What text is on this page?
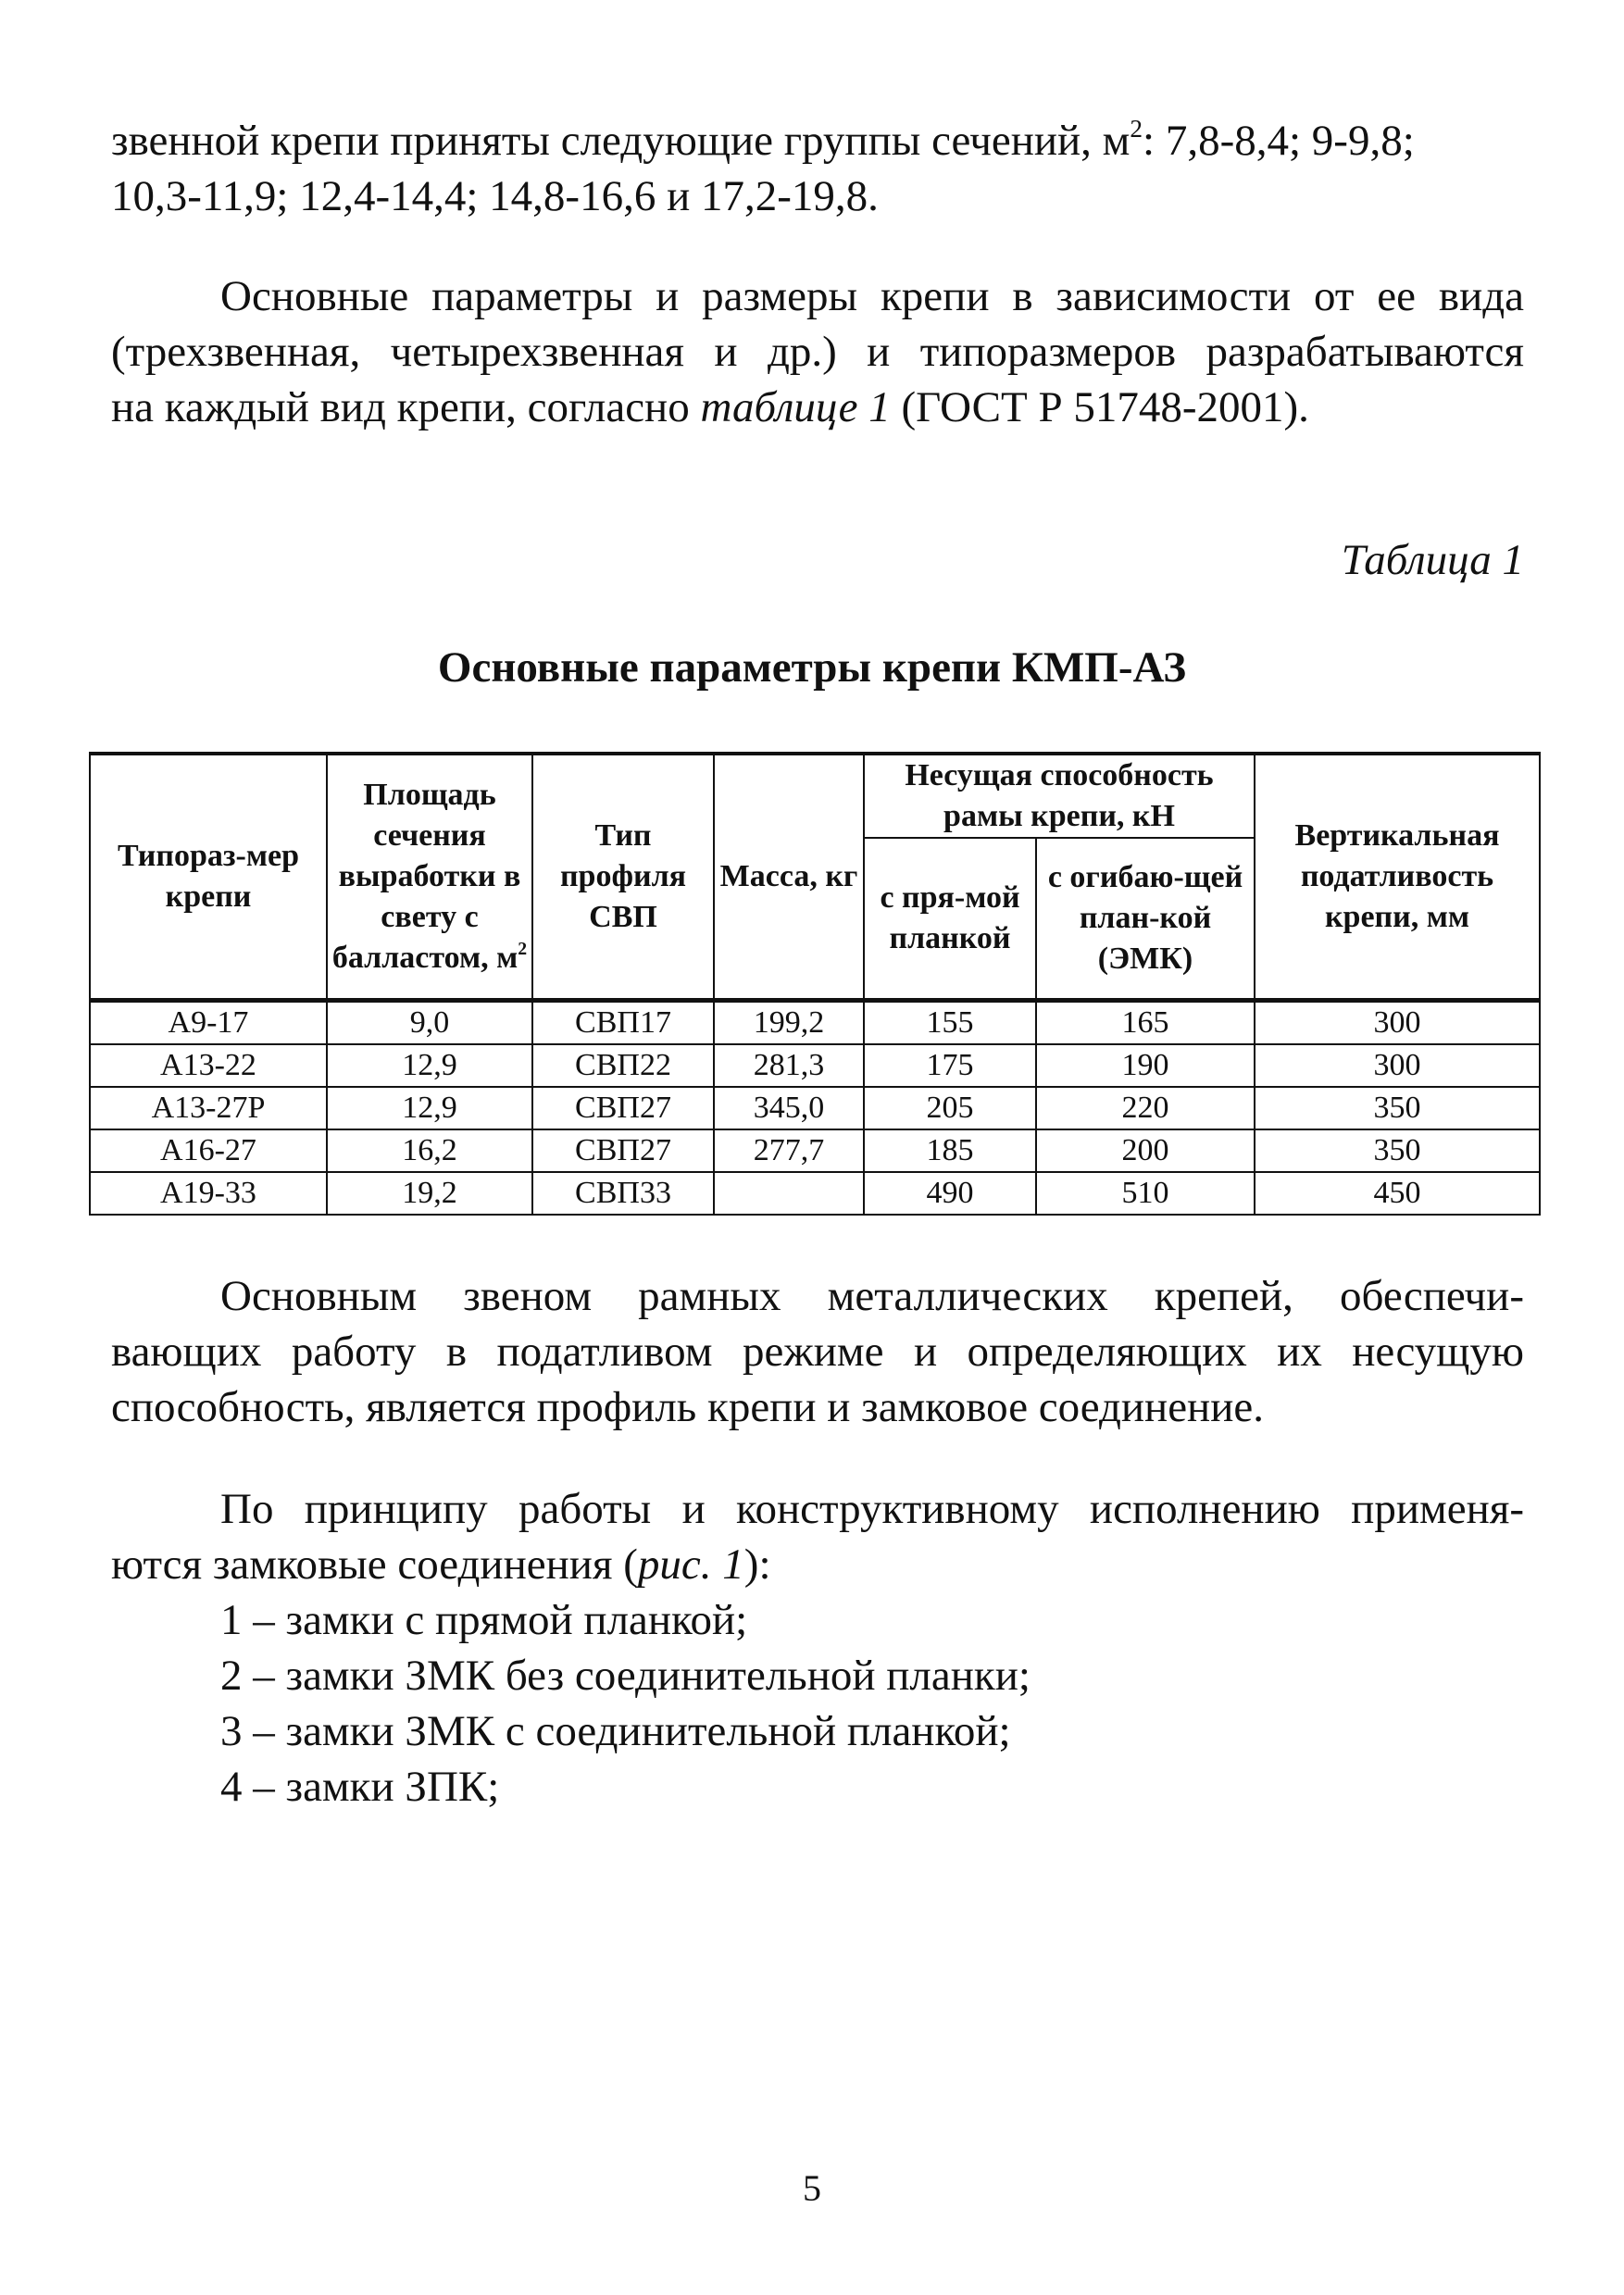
звенной крепи приняты следующие группы сечений, $м^2$: 7,8-8,4; 9-9,8;
10,3-11,9; 12,4-14,4; 14,8-16,6 и 17,2-19,8.
Основные параметры и размеры крепи в зависимости от ее вида
(трехзвенная, четырехзвенная и др.) и типоразмеров разрабатываются
на каждый вид крепи, согласно таблице 1 (ГОСТ Р 51748-2001).
Таблица 1
Основные параметры крепи КМП-АЗ
Типораз-мер крепи	Площадь сечения выработки в свету с балластом, $м^2$	Тип профиля СВП	Масса, кг	Несущая способность рамы крепи, кН		Вертикальная податливость крепи, мм
				с пря-мой планкой	с огибаю-щей план-кой (ЭМК)	
А9-17	9,0	СВП17	199,2	155	165	300
А13-22	12,9	СВП22	281,3	175	190	300
А13-27Р	12,9	СВП27	345,0	205	220	350
А16-27	16,2	СВП27	277,7	185	200	350
А19-33	19,2	СВП33		490	510	450
Основным звеном рамных металлических крепей, обеспечи-
вающих работу в податливом режиме и определяющих их несущую
способность, является профиль крепи и замковое соединение.
По принципу работы и конструктивному исполнению применя-
ются замковые соединения (рис. 1):
1 – замки с прямой планкой;
2 – замки ЗМК без соединительной планки;
3 – замки ЗМК с соединительной планкой;
4 – замки ЗПК;
5
